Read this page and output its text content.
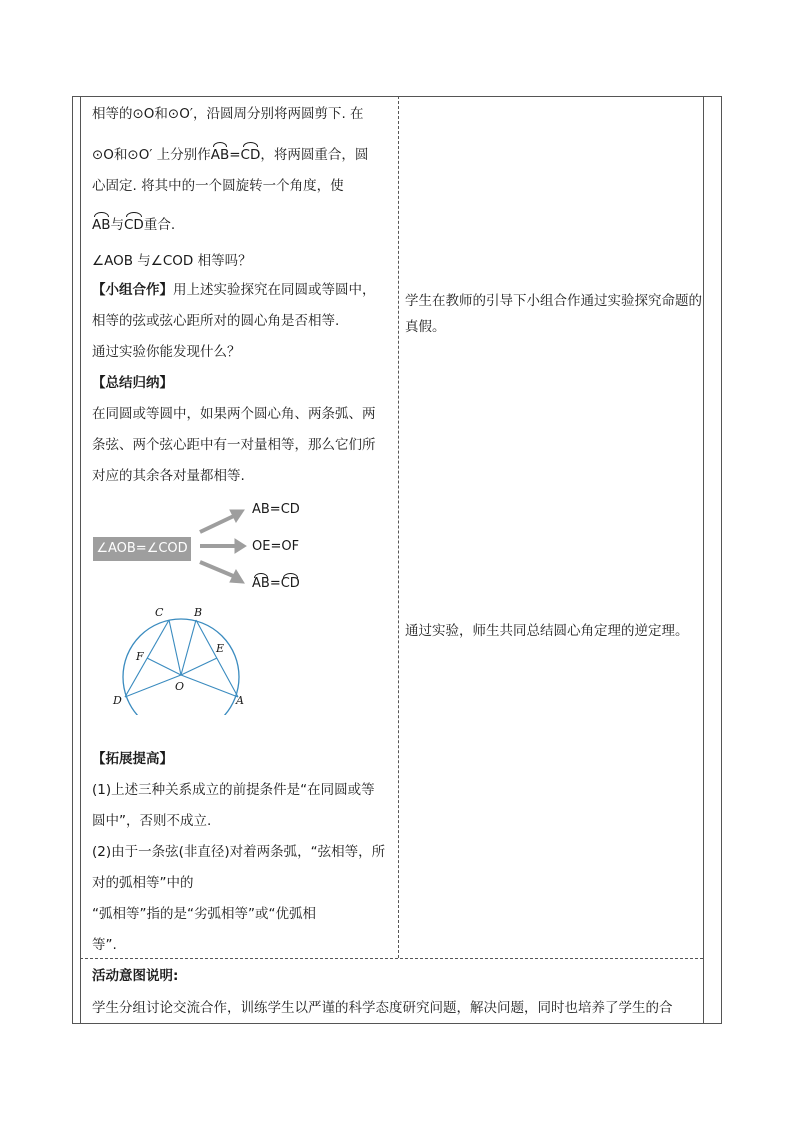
相等的⊙O和⊙O′，沿圆周分别将两圆剪下. 在
⊙O和⊙O′ 上分别作AB=CD，将两圆重合，圆
心固定. 将其中的一个圆旋转一个角度，使
AB与CD重合.
∠AOB 与∠COD 相等吗？
【小组合作】用上述实验探究在同圆或等圆中，
相等的弦或弦心距所对的圆心角是否相等.
通过实验你能发现什么？
【总结归纳】
在同圆或等圆中，如果两个圆心角、两条弧、两
条弦、两个弦心距中有一对量相等，那么它们所
对应的其余各对量都相等.
∠AOB=∠COD
AB=CD
OE=OF
AB=CD
C	B
F
E
O
D	A
【拓展提高】
(1)上述三种关系成立的前提条件是“在同圆或等
圆中”，否则不成立.
(2)由于一条弦(非直径)对着两条弧，“弦相等，所
对的弧相等”中的
“弧相等”指的是“劣弧相等”或“优弧相
等”.
学生在教师的引导下小组合作通过实验探究命题的真假。
通过实验，师生共同总结圆心角定理的逆定理。
活动意图说明:
学生分组讨论交流合作，训练学生以严谨的科学态度研究问题，解决问题，同时也培养了学生的合
